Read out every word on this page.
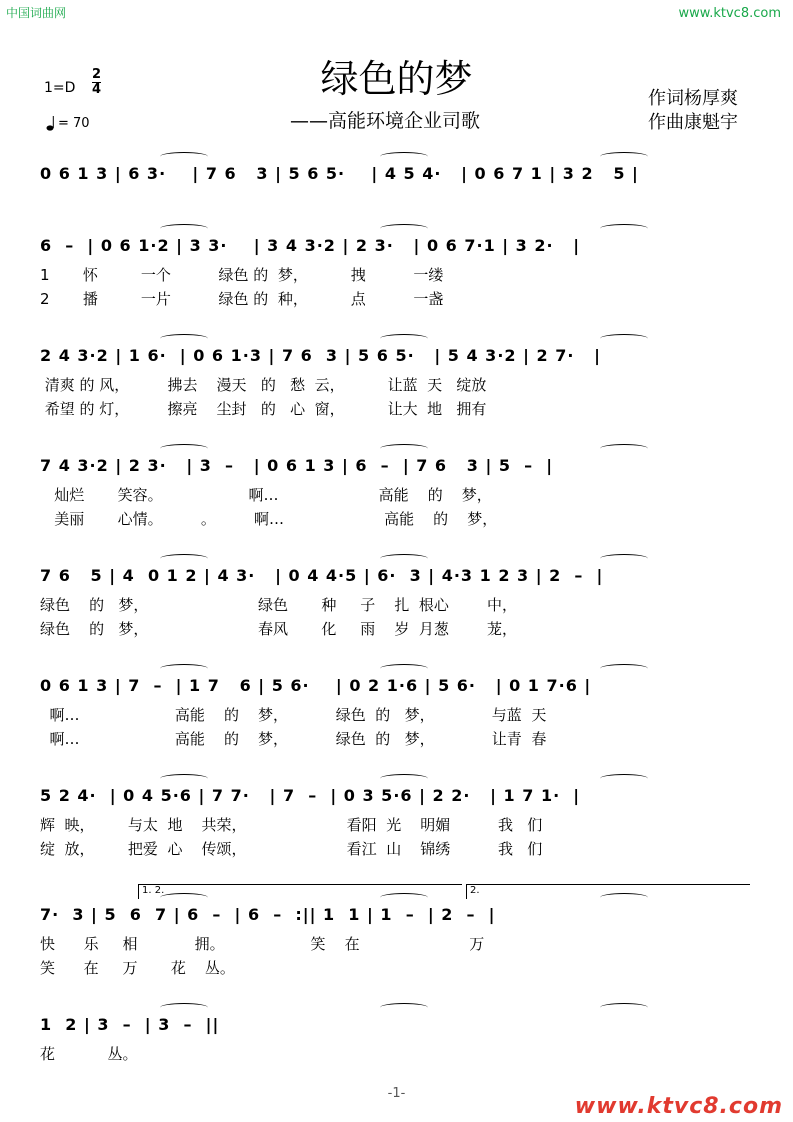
中国词曲网	www.ktvc8.com
绿色的梦
——高能环境企业司歌
作词杨厚爽
作曲康魁宇
1=D
2
4
= 70
0 6 1 3 | 6 3·    | 7 6   3 | 5 6 5·    | 4 5 4·   | 0 6 7 1 | 3 2   5 |
6  –  | 0 6 1·2 | 3 3·    | 3 4 3·2 | 2 3·   | 0 6 7·1 | 3 2·   |
1       怀         一个          绿色 的  梦，         拽          一缕
2       播         一片          绿色 的  种，         点          一盏
2 4 3·2 | 1 6·  | 0 6 1·3 | 7 6  3 | 5 6 5·   | 5 4 3·2 | 2 7·   |
清爽 的 风，        拂去    漫天   的   愁  云，         让蓝  天   绽放
希望 的 灯，        擦亮    尘封   的   心  窗，         让大  地   拥有
7 4 3·2 | 2 3·   | 3  –   | 0 6 1 3 | 6  –  | 7 6   3 | 5  –  |
灿烂       笑容。                  啊…                     高能    的    梦，
美丽       心情。        。        啊…                     高能    的    梦，
7 6   5 | 4  0 1 2 | 4 3·   | 0 4 4·5 | 6·  3 | 4·3 1 2 3 | 2  –  |
绿色    的   梦，                       绿色       种     子    扎  根心        中，
绿色    的   梦，                       春风       化     雨    岁  月葱        茏，
0 6 1 3 | 7  –  | 1 7   6 | 5 6·    | 0 2 1·6 | 5 6·   | 0 1 7·6 |
啊…                    高能    的    梦，          绿色  的   梦，            与蓝  天
啊…                    高能    的    梦，          绿色  的   梦，            让青  春
5 2 4·  | 0 4 5·6 | 7 7·   | 7  –  | 0 3 5·6 | 2 2·   | 1 7 1·  |
辉  映，       与太  地    共荣，                     看阳  光    明媚          我   们
绽  放，       把爱  心    传颂，                     看江  山    锦绣          我   们
7·  3 | 5  6  7 | 6  –  | 6  –  :|| 1  1 | 1  –  | 2  –  |
快      乐     相            拥。                  笑    在                       万
笑      在     万       花    丛。
1  2 | 3  –  | 3  –  ||
花           丛。
1. 2.	2.
-1-
www.ktvc8.com
